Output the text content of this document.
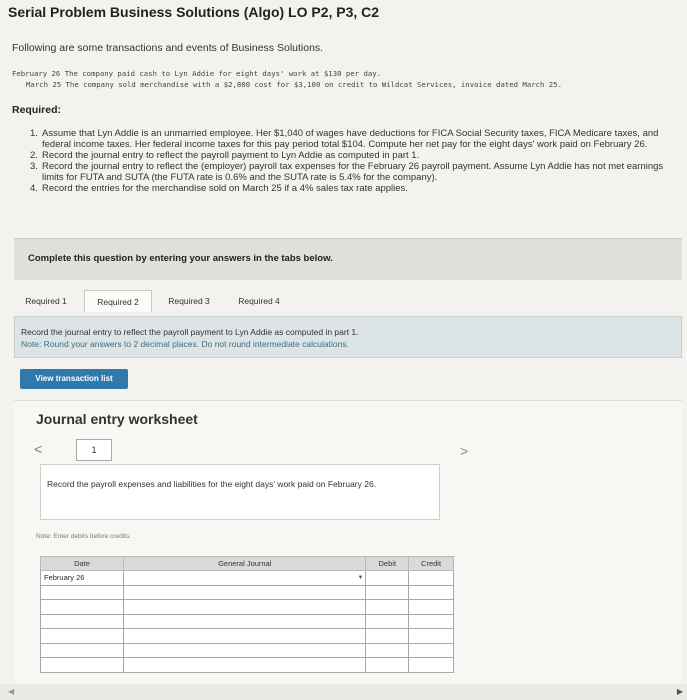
Serial Problem Business Solutions (Algo) LO P2, P3, C2
Following are some transactions and events of Business Solutions.
February 26 The company paid cash to Lyn Addie for eight days' work at $130 per day.
March 25 The company sold merchandise with a $2,800 cost for $3,100 on credit to Wildcat Services, invoice dated March 25.
Required:
1. Assume that Lyn Addie is an unmarried employee. Her $1,040 of wages have deductions for FICA Social Security taxes, FICA Medicare taxes, and federal income taxes. Her federal income taxes for this pay period total $104. Compute her net pay for the eight days' work paid on February 26.
2. Record the journal entry to reflect the payroll payment to Lyn Addie as computed in part 1.
3. Record the journal entry to reflect the (employer) payroll tax expenses for the February 26 payroll payment. Assume Lyn Addie has not met earnings limits for FUTA and SUTA (the FUTA rate is 0.6% and the SUTA rate is 5.4% for the company).
4. Record the entries for the merchandise sold on March 25 if a 4% sales tax rate applies.
Complete this question by entering your answers in the tabs below.
Required 1	Required 2	Required 3	Required 4
Record the journal entry to reflect the payroll payment to Lyn Addie as computed in part 1.
Note: Round your answers to 2 decimal places. Do not round intermediate calculations.
View transaction list
Journal entry worksheet
<	1	>
Record the payroll expenses and liabilities for the eight days' work paid on February 26.
Note: Enter debits before credits.
Date	General Journal	Debit	Credit
February 26	▼		

◀	▶
